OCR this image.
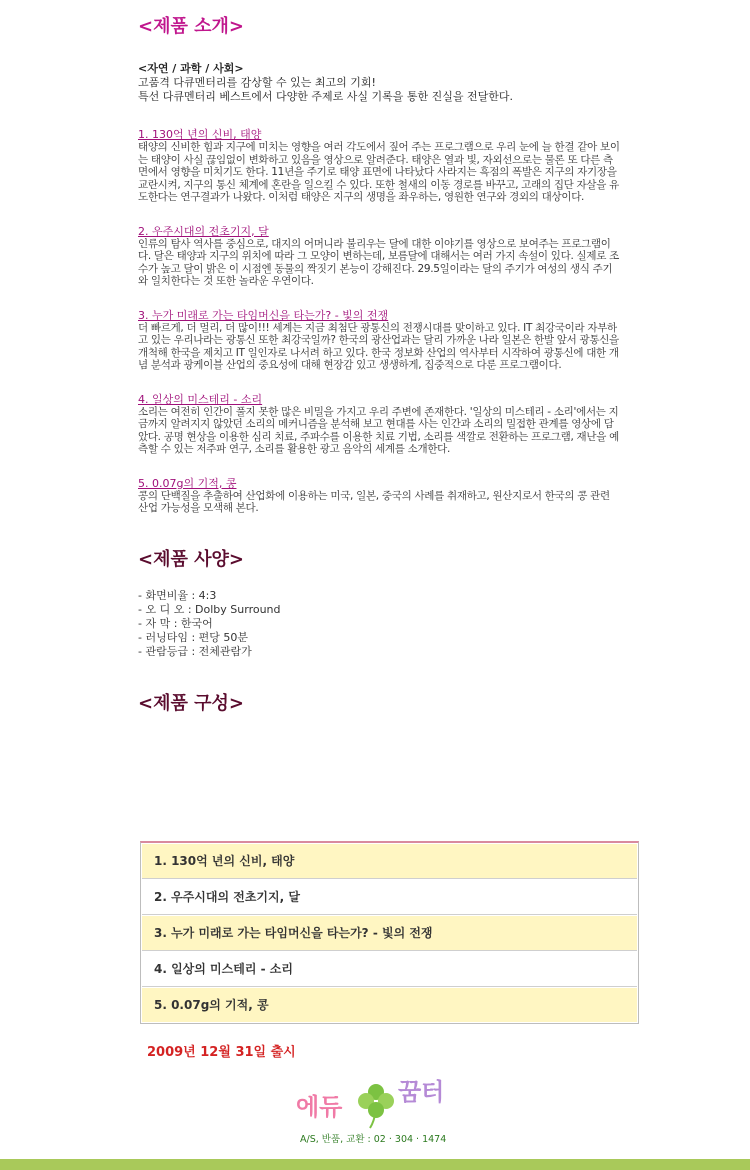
<제품 소개>
<자연 / 과학 / 사회>
고품격 다큐멘터리를 감상할 수 있는 최고의 기회!
특선 다큐멘터리 베스트에서 다양한 주제로 사실 기록을 통한 진실을 전달한다.
1. 130억 년의 신비, 태양
태양의 신비한 힘과 지구에 미치는 영향을 여러 각도에서 짚어 주는 프로그램으로 우리 눈에 늘 한결 같아 보이는 태양이 사실 끊임없이 변화하고 있음을 영상으로 알려준다. 태양은 열과 빛, 자외선으로는 물론 또 다른 측면에서 영향을 미치기도 한다. 11년을 주기로 태양 표면에 나타났다 사라지는 흑점의 폭발은 지구의 자기장을 교란시켜, 지구의 통신 체계에 혼란을 일으킬 수 있다. 또한 철새의 이동 경로를 바꾸고, 고래의 집단 자살을 유도한다는 연구결과가 나왔다. 이처럼 태양은 지구의 생명을 좌우하는, 영원한 연구와 경외의 대상이다.
2. 우주시대의 전초기지, 달
인류의 탐사 역사를 중심으로, 대지의 어머니라 불리우는 달에 대한 이야기를 영상으로 보여주는 프로그램이다. 달은 태양과 지구의 위치에 따라 그 모양이 변하는데, 보름달에 대해서는 여러 가지 속설이 있다. 실제로 조수가 높고 달이 밝은 이 시점엔 동물의 짝짓기 본능이 강해진다. 29.5일이라는 달의 주기가 여성의 생식 주기와 일치한다는 것 또한 놀라운 우연이다.
3. 누가 미래로 가는 타임머신을 타는가? - 빛의 전쟁
더 빠르게, 더 멀리, 더 많이!!! 세계는 지금 최첨단 광통신의 전쟁시대를 맞이하고 있다. IT 최강국이라 자부하고 있는 우리나라는 광통신 또한 최강국일까? 한국의 광산업과는 달리 가까운 나라 일본은 한발 앞서 광통신을 개척해 한국을 제치고 IT 일인자로 나서려 하고 있다. 한국 정보화 산업의 역사부터 시작하여 광통신에 대한 개념 분석과 광케이블 산업의 중요성에 대해 현장감 있고 생생하게, 집중적으로 다룬 프로그램이다.
4. 일상의 미스테리 - 소리
소리는 여전히 인간이 풀지 못한 많은 비밀을 가지고 우리 주변에 존재한다. '일상의 미스테리 - 소리'에서는 지금까지 알려지지 않았던 소리의 메커니즘을 분석해 보고 현대를 사는 인간과 소리의 밀접한 관계를 영상에 담았다. 공명 현상을 이용한 심리 치료, 주파수를 이용한 치료 기법, 소리를 색깔로 전환하는 프로그램, 재난을 예측할 수 있는 저주파 연구, 소리를 활용한 광고 음악의 세계를 소개한다.
5. 0.07g의 기적, 콩
콩의 단백질을 추출하여 산업화에 이용하는 미국, 일본, 중국의 사례를 취재하고, 원산지로서 한국의 콩 관련 산업 가능성을 모색해 본다.
<제품 사양>
- 화면비율 : 4:3
- 오 디 오 : Dolby Surround
- 자 막 : 한국어
- 러닝타임 : 편당 50분
- 관람등급 : 전체관람가
<제품 구성>
1. 130억 년의 신비, 태양
2. 우주시대의 전초기지, 달
3. 누가 미래로 가는 타임머신을 타는가? - 빛의 전쟁
4. 일상의 미스테리 - 소리
5. 0.07g의 기적, 콩
2009년 12월 31일 출시
에듀
꿈터
A/S, 반품, 교환 : 02 · 304 · 1474
